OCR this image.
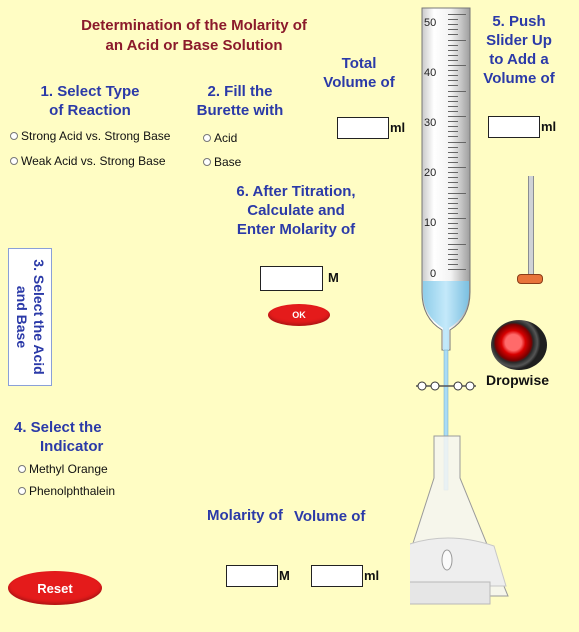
Determination of the Molarity of
an Acid or Base Solution
1. Select Type
of Reaction
Strong Acid vs. Strong Base
Weak Acid vs. Strong Base
2. Fill the
Burette with
Acid
Base
Total
Volume of
ml
5. Push
Slider Up
to Add a
Volume of
ml
50
40
30
20
10
0
6. After Titration,
Calculate and
Enter Molarity of
M
OK
3. Select the Acid
and Base
Dropwise
4. Select the
Indicator
Methyl Orange
Phenolphthalein
Molarity of Volume of
M	ml
Reset
